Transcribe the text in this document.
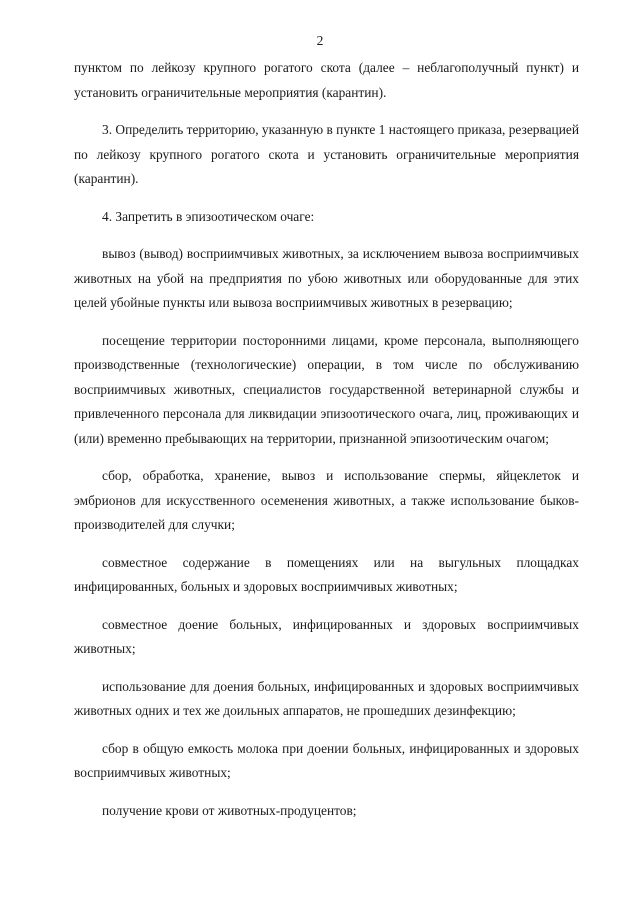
2

пунктом по лейкозу крупного рогатого скота (далее – неблагополучный пункт) и установить ограничительные мероприятия (карантин).

3. Определить территорию, указанную в пункте 1 настоящего приказа, резервацией по лейкозу крупного рогатого скота и установить ограничительные мероприятия (карантин).

4. Запретить в эпизоотическом очаге:

вывоз (вывод) восприимчивых животных, за исключением вывоза восприимчивых животных на убой на предприятия по убою животных или оборудованные для этих целей убойные пункты или вывоза восприимчивых животных в резервацию;

посещение территории посторонними лицами, кроме персонала, выполняющего производственные (технологические) операции, в том числе по обслуживанию восприимчивых животных, специалистов государственной ветеринарной службы и привлеченного персонала для ликвидации эпизоотического очага, лиц, проживающих и (или) временно пребывающих на территории, признанной эпизоотическим очагом;

сбор, обработка, хранение, вывоз и использование спермы, яйцеклеток и эмбрионов для искусственного осеменения животных, а также использование быков-производителей для случки;

совместное содержание в помещениях или на выгульных площадках инфицированных, больных и здоровых восприимчивых животных;

совместное доение больных, инфицированных и здоровых восприимчивых животных;

использование для доения больных, инфицированных и здоровых восприимчивых животных одних и тех же доильных аппаратов, не прошедших дезинфекцию;

сбор в общую емкость молока при доении больных, инфицированных и здоровых восприимчивых животных;

получение крови от животных-продуцентов;
